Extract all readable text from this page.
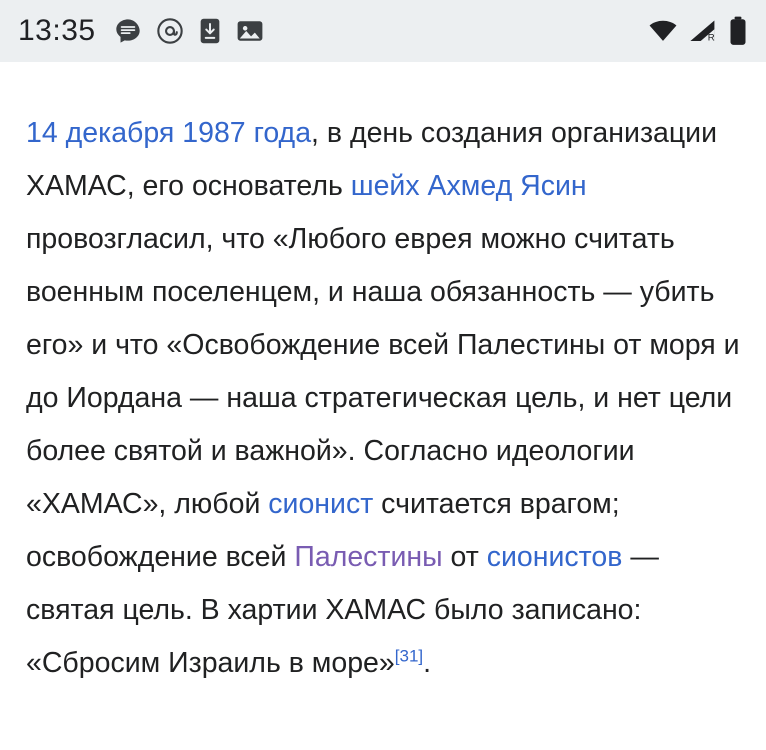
13:35	R

14 декабря 1987 года, в день создания организации ХАМАС, его основатель шейх Ахмед Ясин провозгласил, что «Любого еврея можно считать военным поселенцем, и наша обязанность — убить его» и что «Освобождение всей Палестины от моря и до Иордана — наша стратегическая цель, и нет цели более святой и важной». Согласно идеологии «ХАМАС», любой сионист считается врагом; освобождение всей Палестины от сионистов — святая цель. В хартии ХАМАС было записано: «Сбросим Израиль в море»[31].
